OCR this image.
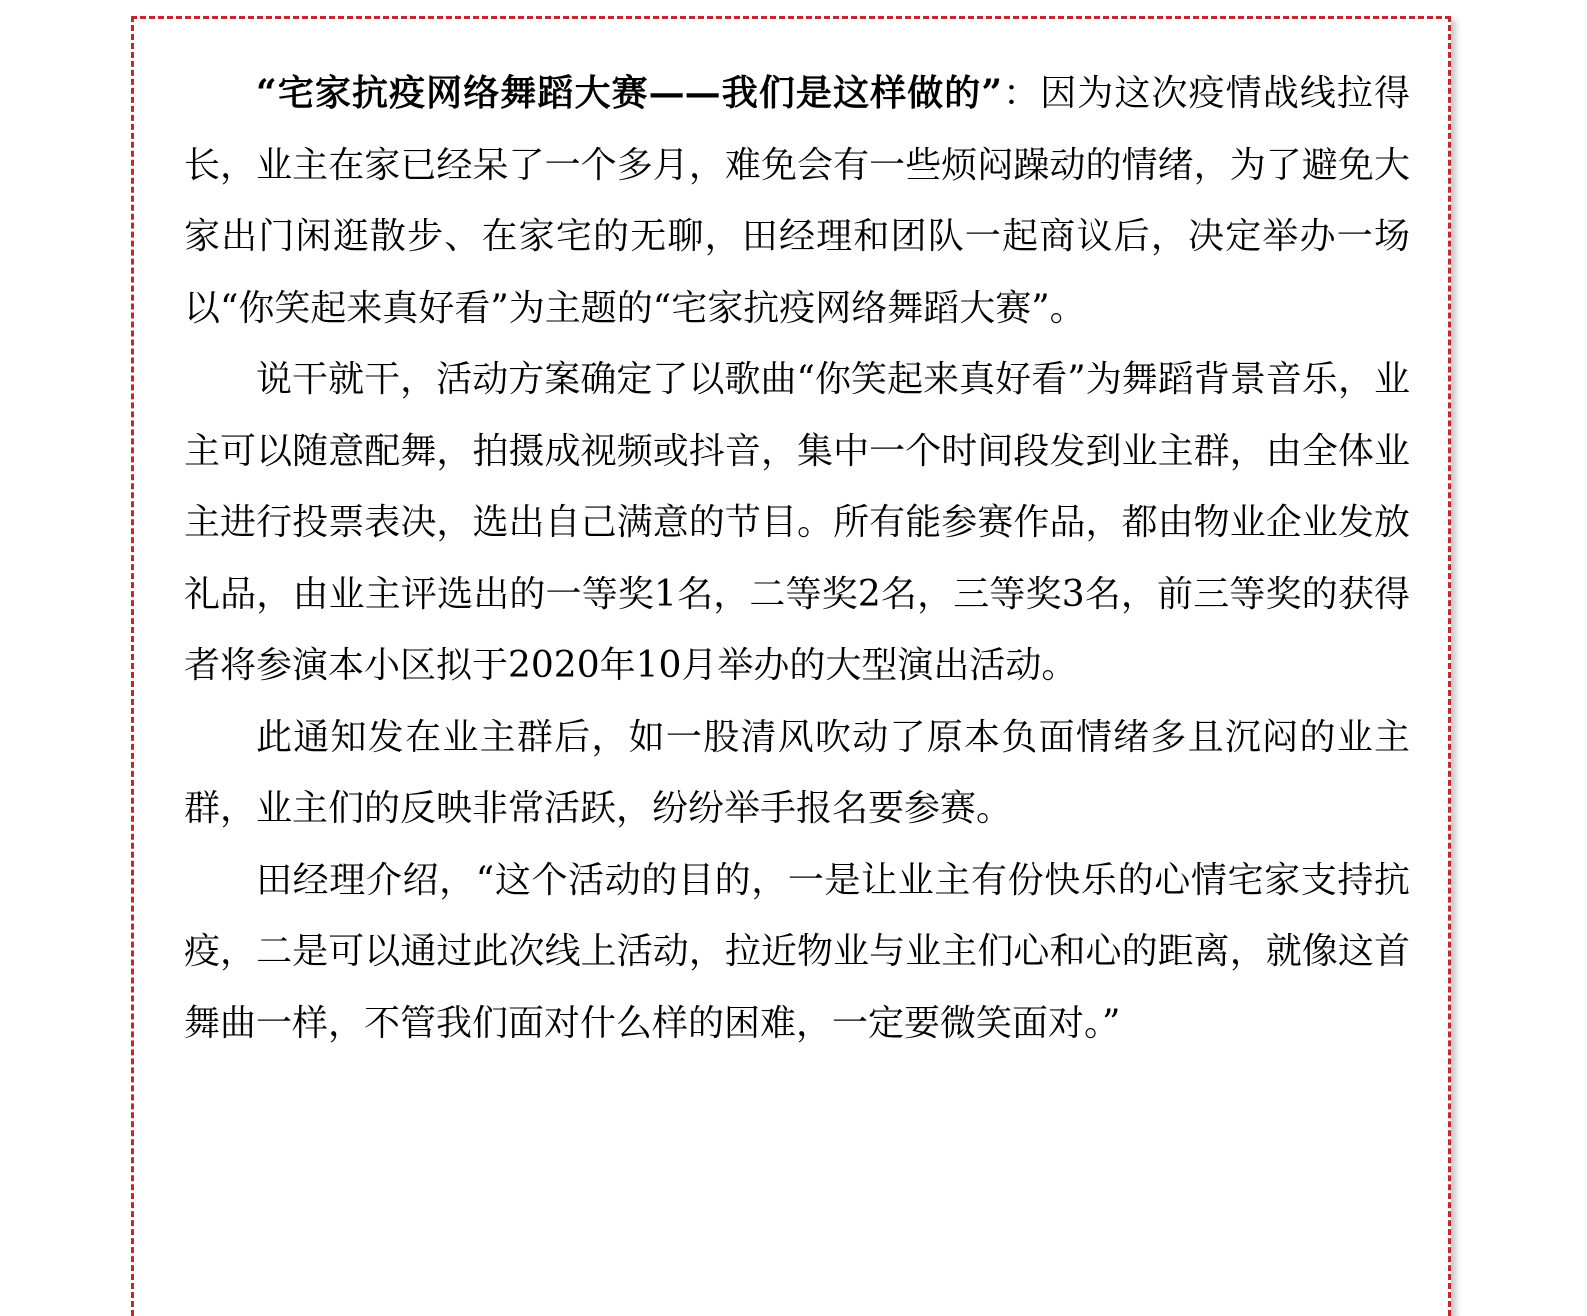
“宅家抗疫网络舞蹈大赛——我们是这样做的”：因为这次疫情战线拉得长，业主在家已经呆了一个多月，难免会有一些烦闷躁动的情绪，为了避免大家出门闲逛散步、在家宅的无聊，田经理和团队一起商议后，决定举办一场以“你笑起来真好看”为主题的“宅家抗疫网络舞蹈大赛”。

说干就干，活动方案确定了以歌曲“你笑起来真好看”为舞蹈背景音乐，业主可以随意配舞，拍摄成视频或抖音，集中一个时间段发到业主群，由全体业主进行投票表决，选出自己满意的节目。所有能参赛作品，都由物业企业发放礼品，由业主评选出的一等奖1名，二等奖2名，三等奖3名，前三等奖的获得者将参演本小区拟于2020年10月举办的大型演出活动。

此通知发在业主群后，如一股清风吹动了原本负面情绪多且沉闷的业主群，业主们的反映非常活跃，纷纷举手报名要参赛。

田经理介绍，“这个活动的目的，一是让业主有份快乐的心情宅家支持抗疫，二是可以通过此次线上活动，拉近物业与业主们心和心的距离，就像这首舞曲一样，不管我们面对什么样的困难，一定要微笑面对。”
